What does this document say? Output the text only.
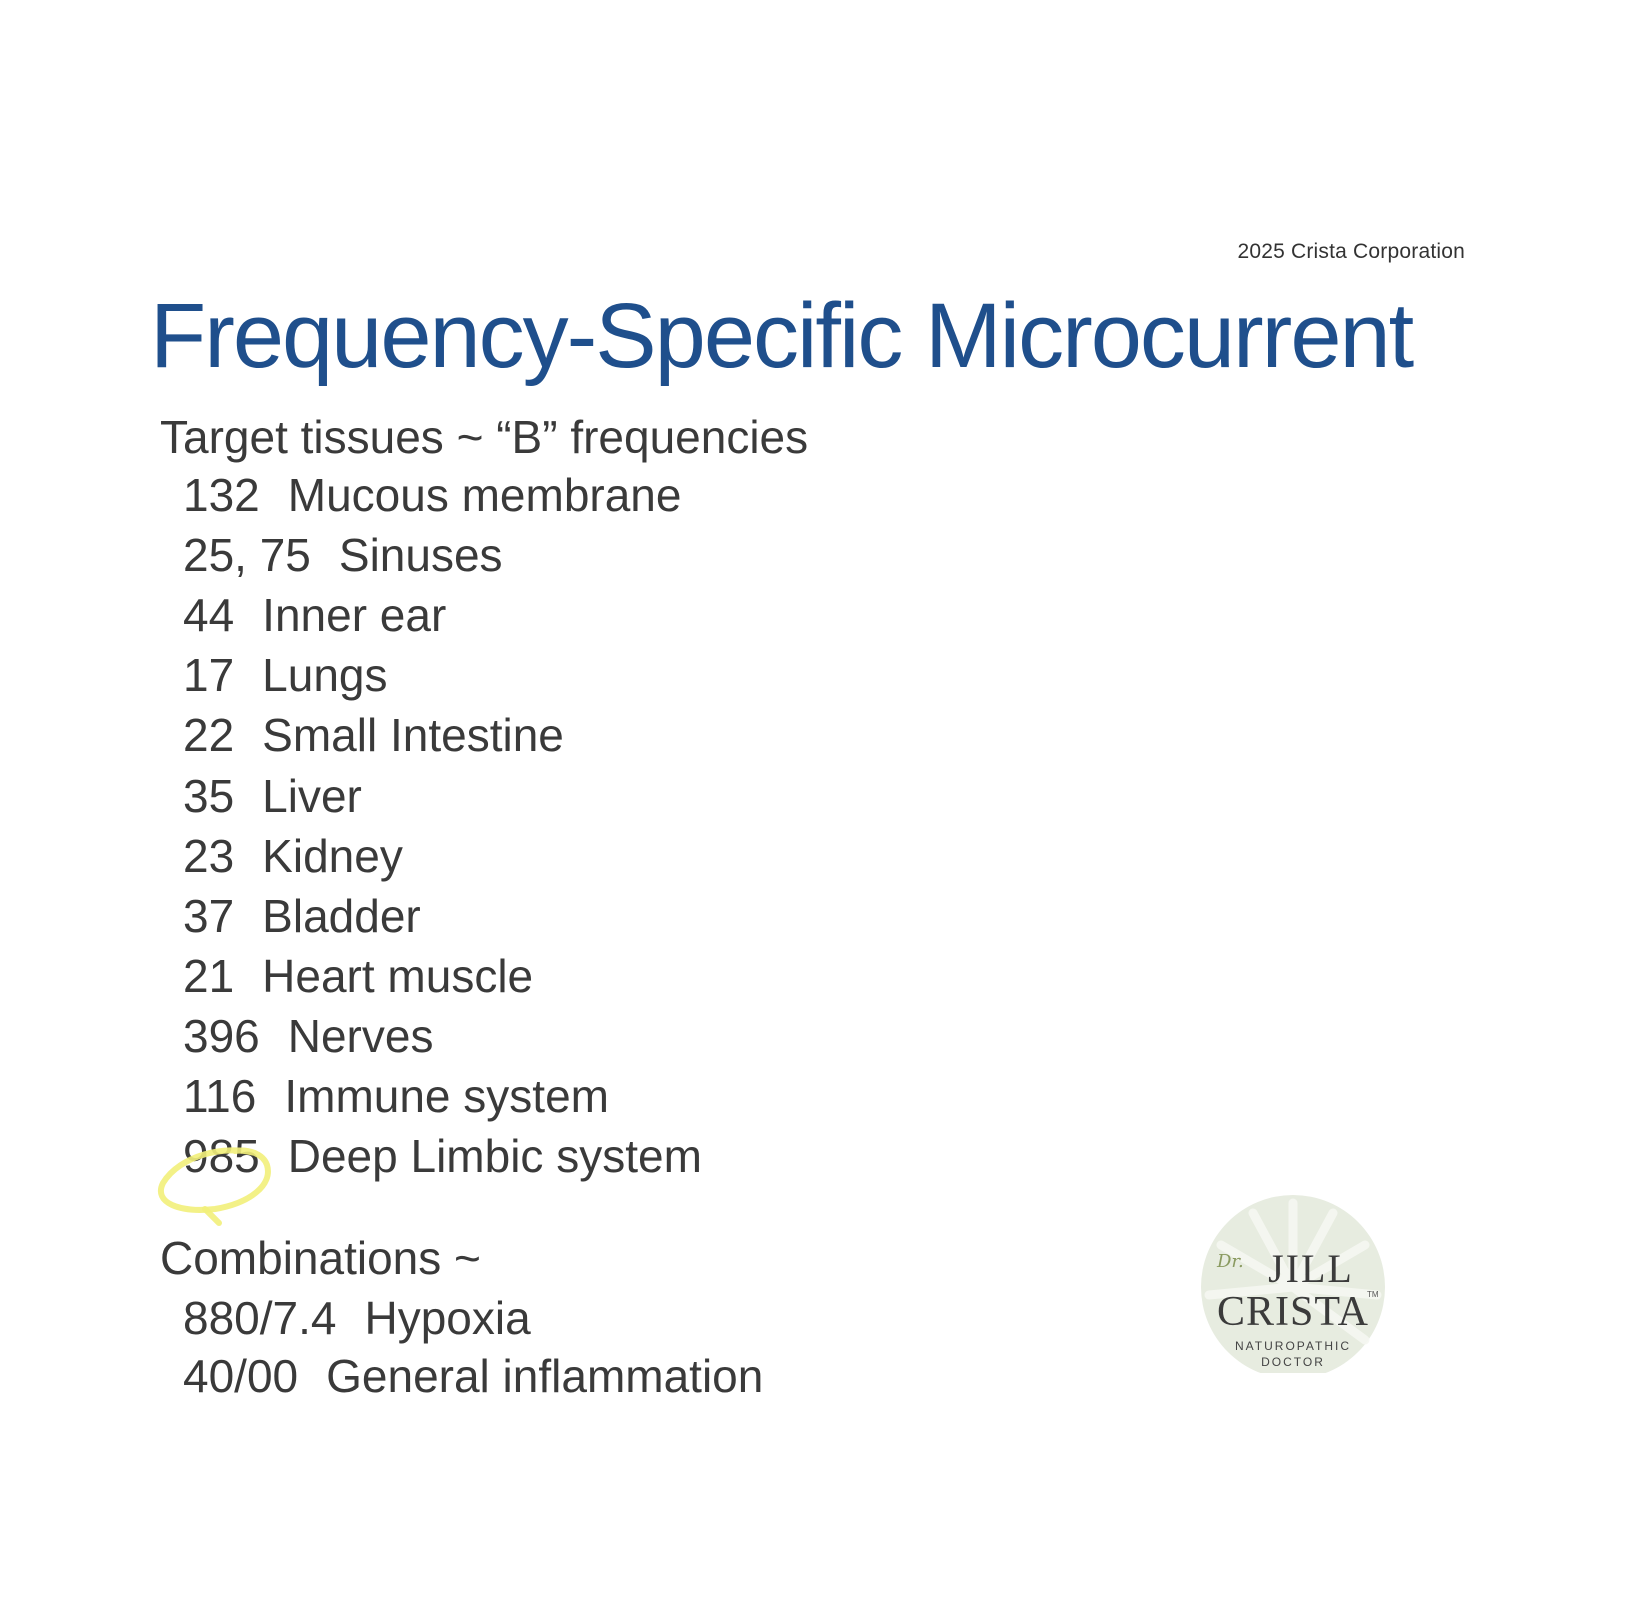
2025 Crista Corporation
Frequency-Specific Microcurrent
Target tissues ~ “B” frequencies
132 Mucous membrane
25, 75 Sinuses
44 Inner ear
17 Lungs
22 Small Intestine
35 Liver
23 Kidney
37 Bladder
21 Heart muscle
396 Nerves
116 Immune system
985 Deep Limbic system
Combinations ~
880/7.4 Hypoxia
40/00 General inflammation
Dr. JILL
CRISTA
TM
NATUROPATHIC
DOCTOR
